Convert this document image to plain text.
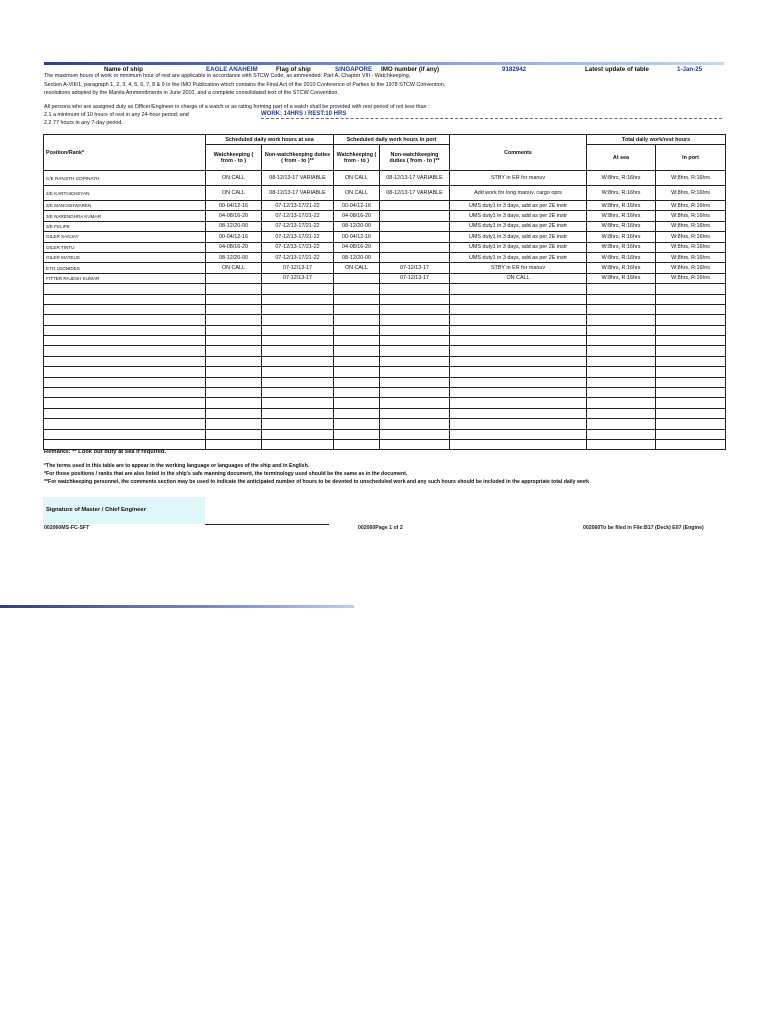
Name of ship	EAGLE ANAHEIM	Flag of ship	SINGAPORE IMO number (if any)	9182942	Latest update of table	1-Jan-25
The maximum hours of work or minimum hour of rest are applicable in accordance with STCW Code, as ammended: Part A, Chapter VIII - Watchkeeping,
Section A-VIII/1, paragraph 1, 2, 3, 4, 5, 6, 7, 8 & 9 in the IMO Publication which contains the Final Act of the 2010 Conference of Parties to the 1978 STCW Convention,
resolutions adopted by the Manila Ammendments in June 2010, and a complete consolidated text of the STCW Convention.
All persons who are assigned duty as Officer/Engineer in charge of a watch or as rating forming part of a watch shall be provided with rest period of not less than :
2.1 a minimum of 10 hours of rest in any 24-hour period; and
2.2 77 hours in any 7-day period.
WORK: 14HRS / REST:10 HRS
Position/Rank*	Scheduled daily work hours at sea		Scheduled daily work hours in port		Comments	Total daily work/rest hours	
	Watchkeeping ( from - to )	Non-watchkeeping duties ( from - to )**	Watchkeeping ( from - to )	Non-watchkeeping duties ( from - to )**		At sea	In port
C/E RANJITH GOPINATH	ON CALL	08-12/13-17 VARIABLE	ON CALL	08-12/13-17 VARIABLE	STBY in ER for manuv	W:8hrs, R:16hrs	W:8hrs, R:16hrs
2/E KARTHICKEYAN	ON CALL	08-12/13-17 VARIABLE	ON CALL	08-12/13-17 VARIABLE	Add work for long manuv, cargo oprs	W:8hrs, R:16hrs	W:8hrs, R:16hrs
3/E MANOSHWAREN	00-04/12-16	07-12/13-17/21-22	00-04/12-16		UMS duty1 in 3 days, add as per 2E instr	W:8hrs, R:16hrs	W:8hrs, R:16hrs
3/E NARENDHRA KUMAR	04-08/16-20	07-12/13-17/21-22	04-08/16-20		UMS duty1 in 3 days, add as per 2E instr	W:8hrs, R:16hrs	W:8hrs, R:16hrs
3/E FELIPE	08-12/20-00	07-12/13-17/21-22	08-12/20-00		UMS duty1 in 3 days, add as per 2E instr	W:8hrs, R:16hrs	W:8hrs, R:16hrs
OILER SANJAY	00-04/12-16	07-12/13-17/21-22	00-04/12-16		UMS duty1 in 3 days, add as per 2E instr	W:8hrs, R:16hrs	W:8hrs, R:16hrs
OILER TINTU	04-08/16-20	07-12/13-17/21-22	04-08/16-20		UMS duty1 in 3 days, add as per 2E instr	W:8hrs, R:16hrs	W:8hrs, R:16hrs
OILER MATEUS	08-12/20-00	07-12/13-17/21-22	08-12/20-00		UMS duty1 in 3 days, add as per 2E instr	W:8hrs, R:16hrs	W:8hrs, R:16hrs
ETO LEONIDES	ON CALL	07-12/13-17	ON CALL	07-12/13-17	STBY in ER for manuv	W:8hrs, R:16hrs	W:8hrs, R:16hrs
FITTER RAJESH KUMAR		07-12/13-17		07-12/13-17	ON CALL	W:8hrs, R:16hrs	W:8hrs, R:16hrs

Remarks: ** Look out duty at sea if required.
*The terms used in this table are to appear in the working language or languages of the ship and in English.
*For those positions / ranks that are also listed in the ship's safe manning document, the terminology used should be the same as in the document.
**For watchkeeping personnel, the comments section may be used to indicate the anticipated number of hours to be devoted to unscheduled work and any such hours should be included in the appropriate total daily work
Signature of Master / Chief Engineer
002060MS-FC-SFT	002060Page 1 of 2	002060To be filed in File:B17 (Deck) E07 (Engine)
